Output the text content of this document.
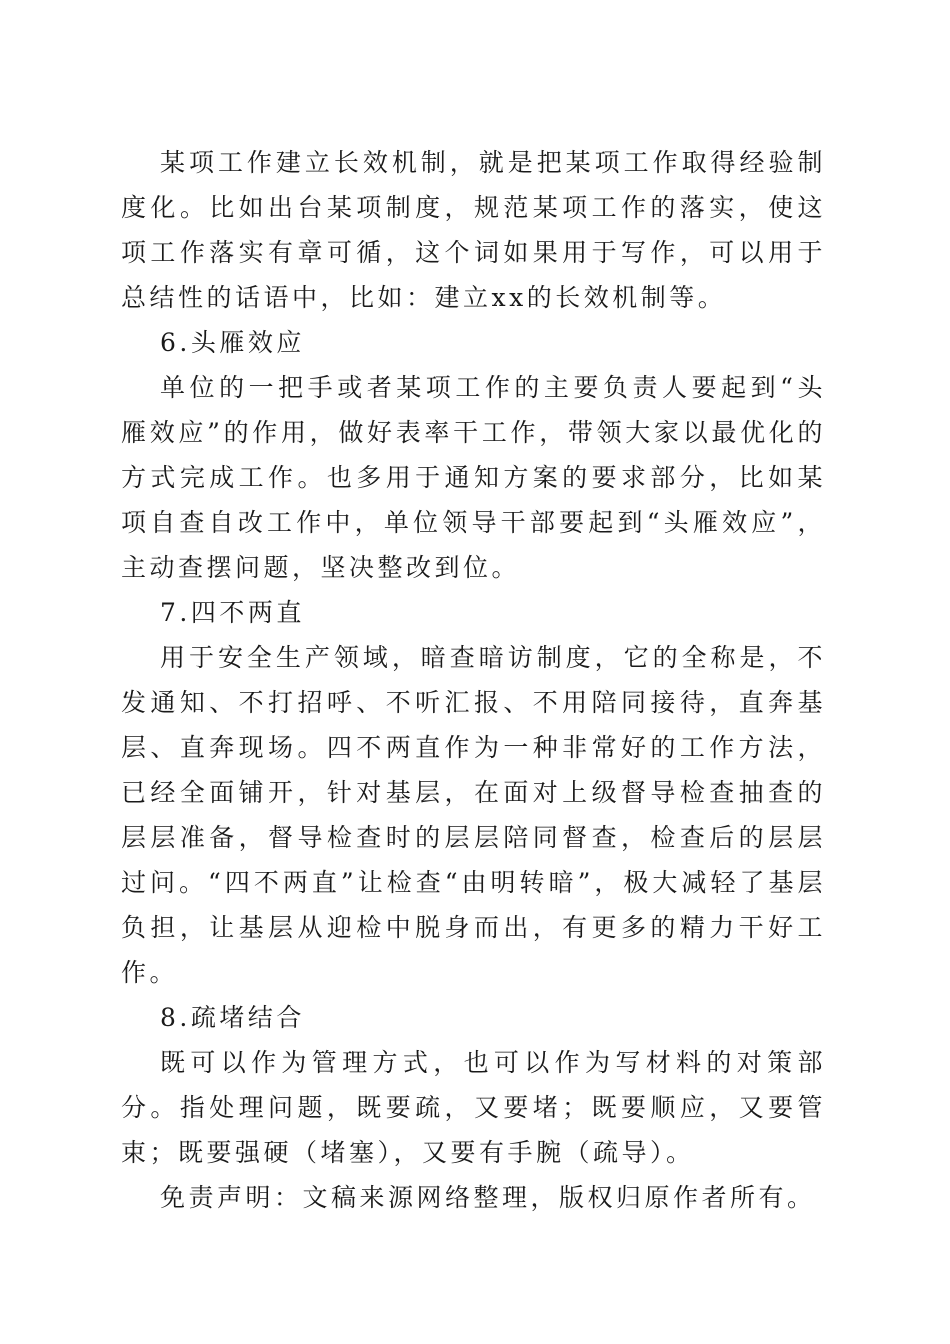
某项工作建立长效机制，就是把某项工作取得经验制度化。比如出台某项制度，规范某项工作的落实，使这项工作落实有章可循，这个词如果用于写作，可以用于总结性的话语中，比如：建立xx的长效机制等。

6.头雁效应

单位的一把手或者某项工作的主要负责人要起到“头雁效应”的作用，做好表率干工作，带领大家以最优化的方式完成工作。也多用于通知方案的要求部分，比如某项自查自改工作中，单位领导干部要起到“头雁效应”，主动查摆问题，坚决整改到位。

7.四不两直

用于安全生产领域，暗查暗访制度，它的全称是，不发通知、不打招呼、不听汇报、不用陪同接待，直奔基层、直奔现场。四不两直作为一种非常好的工作方法，已经全面铺开，针对基层，在面对上级督导检查抽查的层层准备，督导检查时的层层陪同督查，检查后的层层过问。“四不两直”让检查“由明转暗”，极大减轻了基层负担，让基层从迎检中脱身而出，有更多的精力干好工作。

8.疏堵结合

既可以作为管理方式，也可以作为写材料的对策部分。指处理问题，既要疏，又要堵；既要顺应，又要管束；既要强硬（堵塞），又要有手腕（疏导）。

免责声明：文稿来源网络整理，版权归原作者所有。
